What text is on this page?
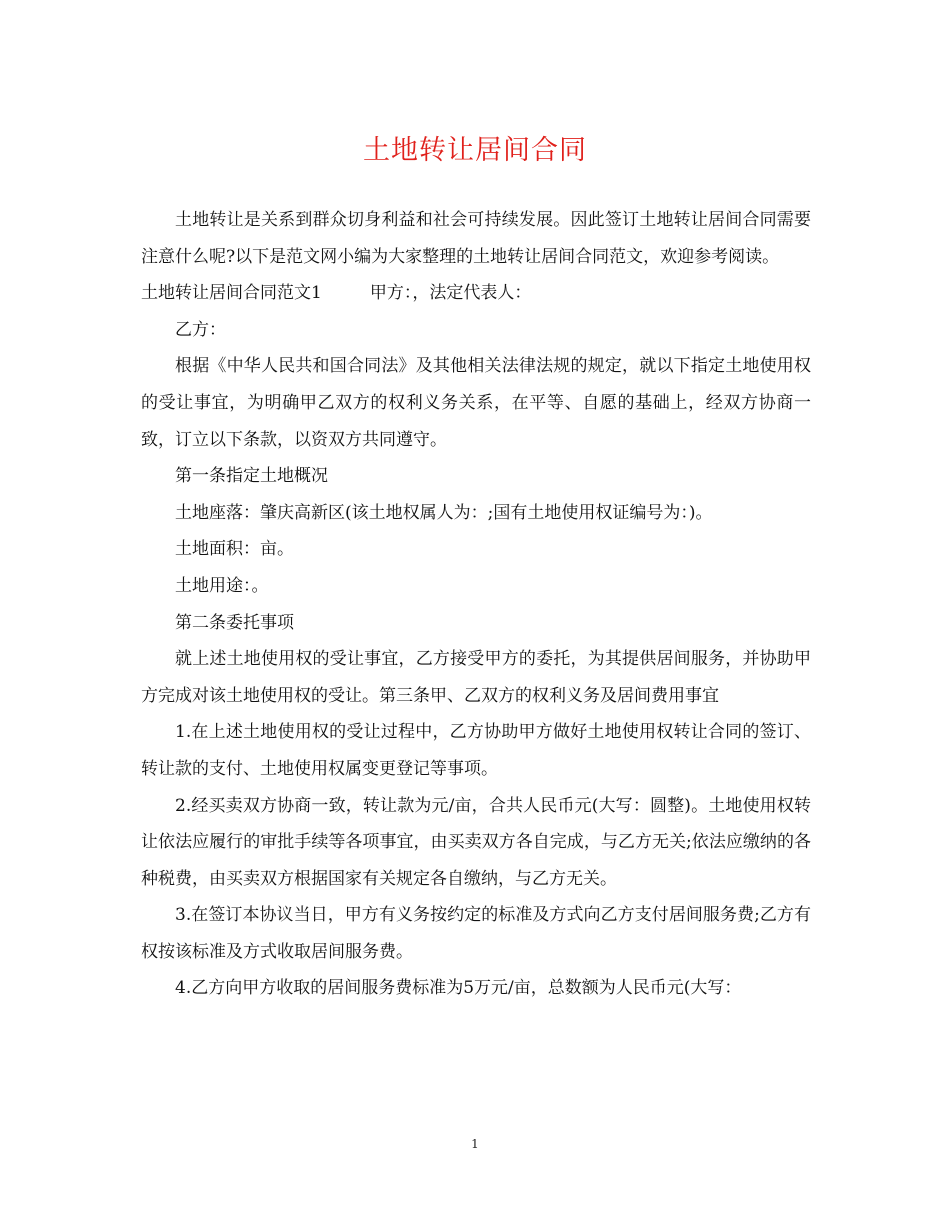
土地转让居间合同

土地转让是关系到群众切身利益和社会可持续发展。因此签订土地转让居间合同需要注意什么呢?以下是范文网小编为大家整理的土地转让居间合同范文，欢迎参考阅读。

土地转让居间合同范文1	甲方：，法定代表人：

乙方：

根据《中华人民共和国合同法》及其他相关法律法规的规定，就以下指定土地使用权的受让事宜，为明确甲乙双方的权利义务关系，在平等、自愿的基础上，经双方协商一致，订立以下条款，以资双方共同遵守。

第一条指定土地概况

土地座落：肇庆高新区(该土地权属人为：;国有土地使用权证编号为：)。

土地面积：亩。

土地用途：。

第二条委托事项

就上述土地使用权的受让事宜，乙方接受甲方的委托，为其提供居间服务，并协助甲方完成对该土地使用权的受让。第三条甲、乙双方的权利义务及居间费用事宜

1.在上述土地使用权的受让过程中，乙方协助甲方做好土地使用权转让合同的签订、转让款的支付、土地使用权属变更登记等事项。

2.经买卖双方协商一致，转让款为元/亩，合共人民币元(大写：圆整)。土地使用权转让依法应履行的审批手续等各项事宜，由买卖双方各自完成，与乙方无关;依法应缴纳的各种税费，由买卖双方根据国家有关规定各自缴纳，与乙方无关。

3.在签订本协议当日，甲方有义务按约定的标准及方式向乙方支付居间服务费;乙方有权按该标准及方式收取居间服务费。

4.乙方向甲方收取的居间服务费标准为5万元/亩，总数额为人民币元(大写：

1
